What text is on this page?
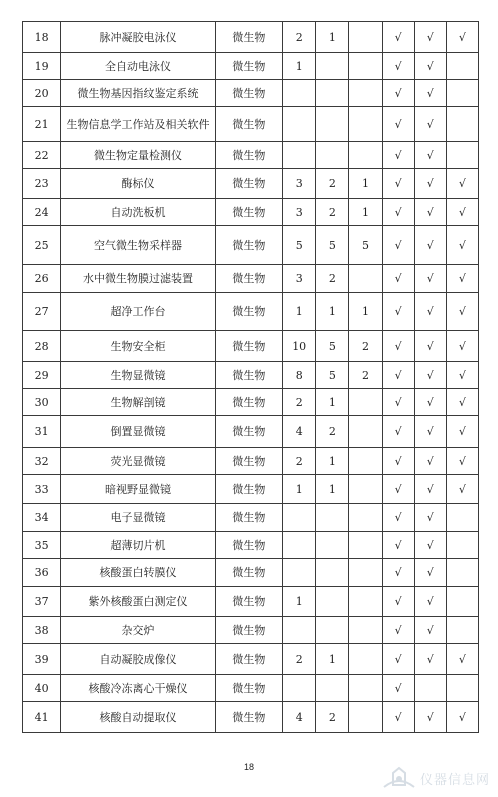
18	脉冲凝胶电泳仪	微生物	2	1		√	√	√
19	全自动电泳仪	微生物	1			√	√	
20	微生物基因指纹鉴定系统	微生物				√	√	
21	生物信息学工作站及相关软件	微生物				√	√	
22	微生物定量检测仪	微生物				√	√	
23	酶标仪	微生物	3	2	1	√	√	√
24	自动洗板机	微生物	3	2	1	√	√	√
25	空气微生物采样器	微生物	5	5	5	√	√	√
26	水中微生物膜过滤装置	微生物	3	2		√	√	√
27	超净工作台	微生物	1	1	1	√	√	√
28	生物安全柜	微生物	10	5	2	√	√	√
29	生物显微镜	微生物	8	5	2	√	√	√
30	生物解剖镜	微生物	2	1		√	√	√
31	倒置显微镜	微生物	4	2		√	√	√
32	荧光显微镜	微生物	2	1		√	√	√
33	暗视野显微镜	微生物	1	1		√	√	√
34	电子显微镜	微生物				√	√	
35	超薄切片机	微生物				√	√	
36	核酸蛋白转膜仪	微生物				√	√	
37	紫外核酸蛋白测定仪	微生物	1			√	√	
38	杂交炉	微生物				√	√	
39	自动凝胶成像仪	微生物	2	1		√	√	√
40	核酸冷冻离心干燥仪	微生物				√		
41	核酸自动提取仪	微生物	4	2		√	√	√
18
仪器信息网
